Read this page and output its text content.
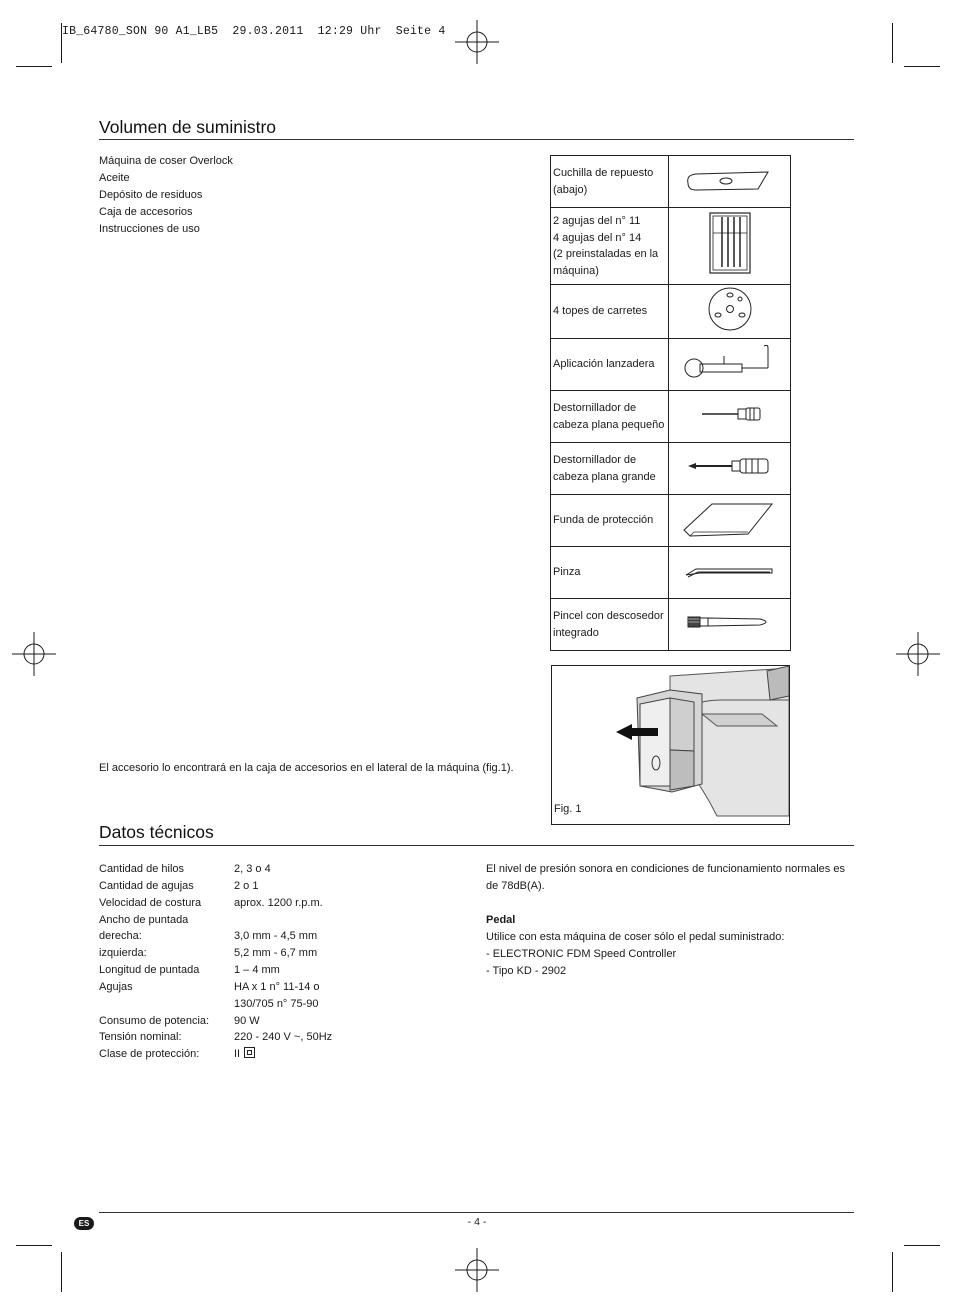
IB_64780_SON 90 A1_LB5  29.03.2011  12:29 Uhr  Seite 4
Volumen de suministro
Máquina de coser Overlock
Aceite
Depósito de residuos
Caja de accesorios
Instrucciones de uso
Cuchilla de repuesto (abajo)	
2 agujas del n° 11
4 agujas del n° 14
(2 preinstaladas en la máquina)	
4 topes de carretes	
Aplicación lanzadera	
Destornillador de cabeza plana pequeño	
Destornillador de cabeza plana grande	
Funda de protección	
Pinza	
Pincel con descosedor integrado	
El accesorio lo encontrará en la caja de accesorios en el lateral de la máquina (fig.1).
Fig. 1
Datos técnicos
Cantidad de hilos	2, 3 o 4
Cantidad de agujas	2 o 1
Velocidad de costura	aprox. 1200 r.p.m.
Ancho de puntada
derecha:	3,0 mm - 4,5 mm
izquierda:	5,2 mm - 6,7 mm
Longitud de puntada	1 – 4 mm
Agujas	HA x 1 n° 11-14 o
130/705 n° 75-90
Consumo de potencia:	90 W
Tensión nominal:	220 - 240 V ~, 50Hz
Clase de protección:	II
El nivel de presión sonora en condiciones de funcionamiento normales es de 78dB(A).
Pedal
Utilice con esta máquina de coser sólo el pedal suministrado:
- ELECTRONIC FDM Speed Controller
- Tipo KD - 2902
ES	- 4 -
